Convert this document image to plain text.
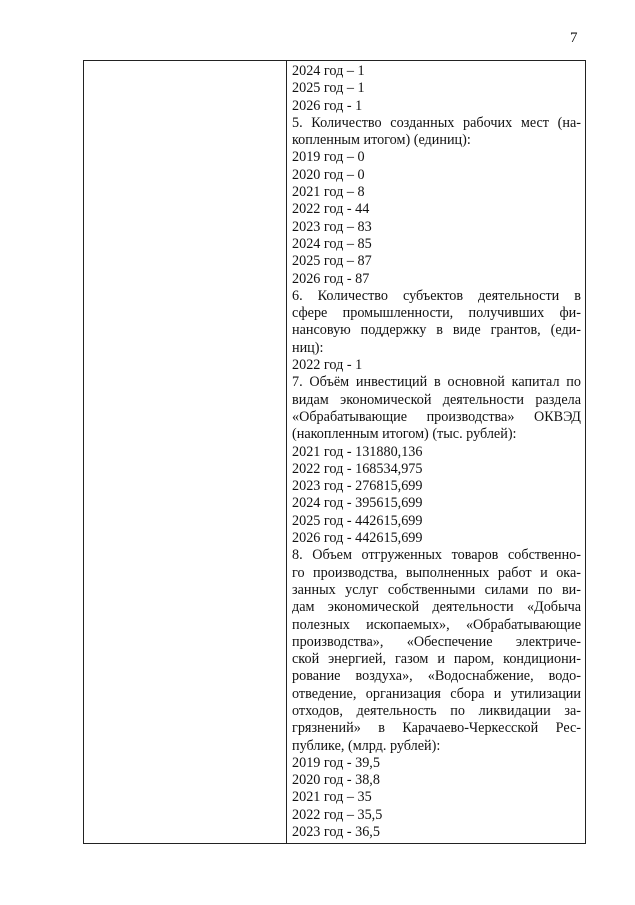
7

2024 год – 1
2025 год – 1
2026 год - 1
5. Количество созданных рабочих мест (на-
копленным итогом) (единиц):
2019 год – 0
2020 год – 0
2021 год – 8
2022 год - 44
2023 год – 83
2024 год – 85
2025 год – 87
2026 год - 87
6. Количество субъектов деятельности в
сфере промышленности, получивших фи-
нансовую поддержку в виде грантов, (еди-
ниц):
2022 год - 1
7. Объём инвестиций в основной капитал по
видам экономической деятельности раздела
«Обрабатывающие производства» ОКВЭД
(накопленным итогом) (тыс. рублей):
2021 год - 131880,136
2022 год - 168534,975
2023 год - 276815,699
2024 год - 395615,699
2025 год - 442615,699
2026 год - 442615,699
8. Объем отгруженных товаров собственно-
го производства, выполненных работ и ока-
занных услуг собственными силами по ви-
дам экономической деятельности «Добыча
полезных ископаемых», «Обрабатывающие
производства», «Обеспечение электриче-
ской энергией, газом и паром, кондициони-
рование воздуха», «Водоснабжение, водо-
отведение, организация сбора и утилизации
отходов, деятельность по ликвидации за-
грязнений» в Карачаево-Черкесской Рес-
публике, (млрд. рублей):
2019 год - 39,5
2020 год - 38,8
2021 год – 35
2022 год – 35,5
2023 год - 36,5
